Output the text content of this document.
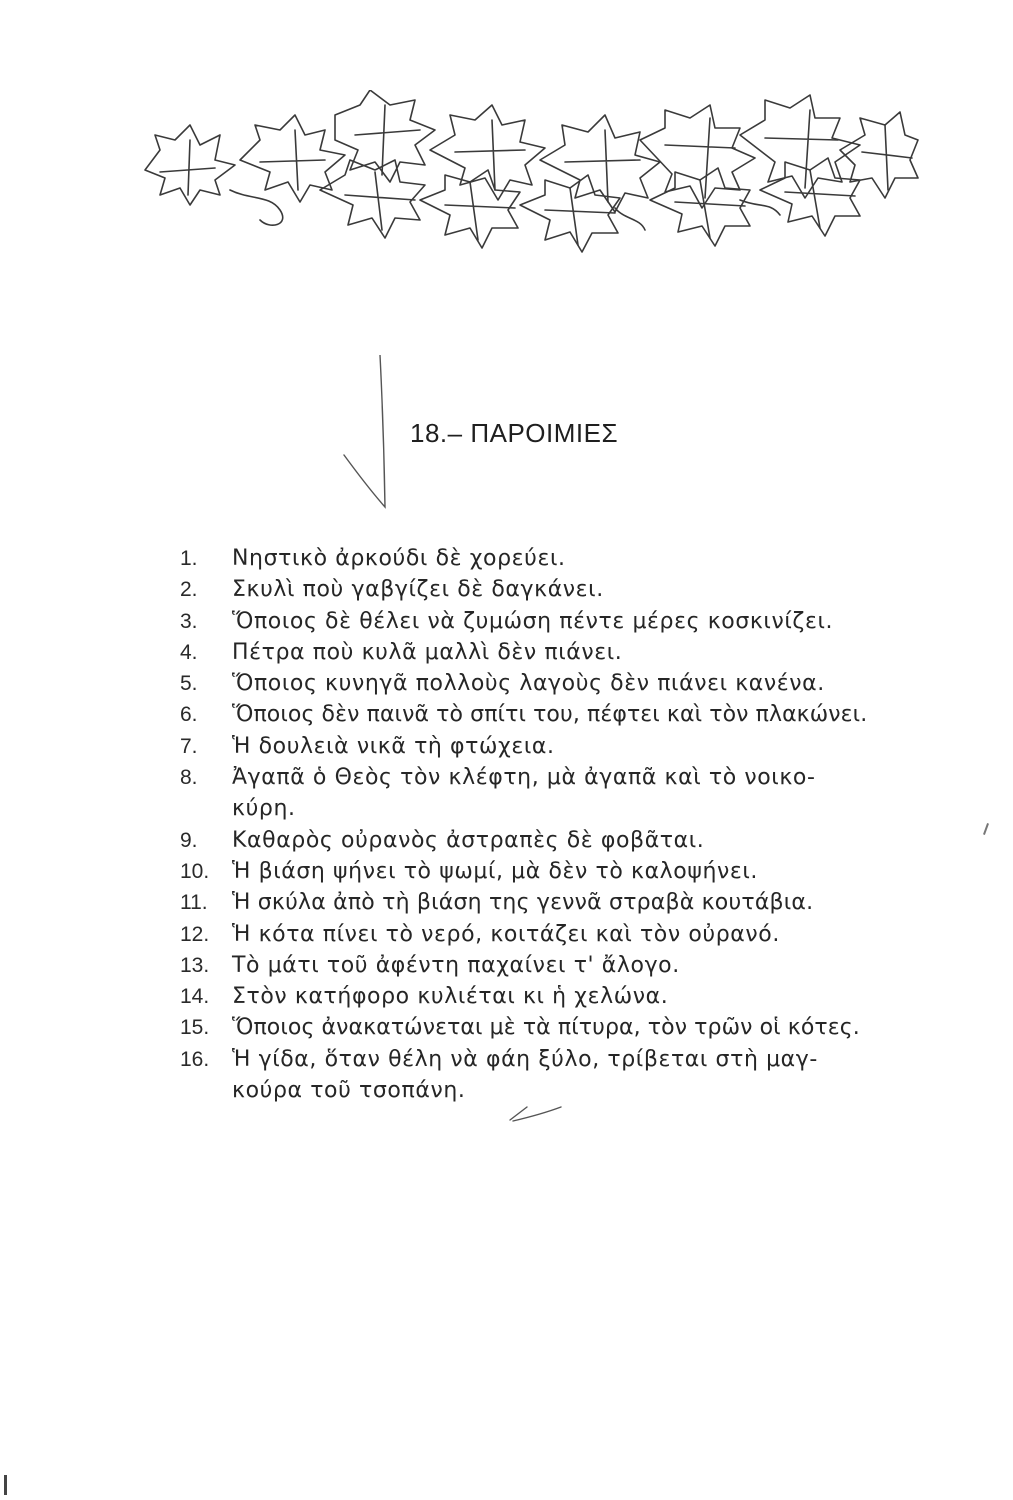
18.– ΠΑΡΟΙΜΙΕΣ
1.	Νηστικὸ ἀρκούδι δὲ χορεύει.
2.	Σκυλὶ ποὺ γαβγίζει δὲ δαγκάνει.
3.	Ὅποιος δὲ θέλει νὰ ζυμώση πέντε μέρες κοσκινίζει.
4.	Πέτρα ποὺ κυλᾶ μαλλὶ δὲν πιάνει.
5.	Ὅποιος κυνηγᾶ πολλοὺς λαγοὺς δὲν πιάνει κανένα.
6.	Ὅποιος δὲν παινᾶ τὸ σπίτι του, πέφτει καὶ τὸν πλακώνει.
7.	Ἡ δουλειὰ νικᾶ τὴ φτώχεια.
8.	Ἀγαπᾶ ὁ Θεὸς τὸν κλέφτη, μὰ ἀγαπᾶ καὶ τὸ νοικο-
κύρη.
9.	Καθαρὸς οὐρανὸς ἀστραπὲς δὲ φοβᾶται.
10.	Ἡ βιάση ψήνει τὸ ψωμί, μὰ δὲν τὸ καλοψήνει.
11.	Ἡ σκύλα ἀπὸ τὴ βιάση της γεννᾶ στραβὰ κουτάβια.
12.	Ἡ κότα πίνει τὸ νερό, κοιτάζει καὶ τὸν οὐρανό.
13.	Τὸ μάτι τοῦ ἀφέντη παχαίνει τ' ἄλογο.
14.	Στὸν κατήφορο κυλιέται κι ἡ χελώνα.
15.	Ὅποιος ἀνακατώνεται μὲ τὰ πίτυρα, τὸν τρῶν οἱ κότες.
16.	Ἡ γίδα, ὅταν θέλη νὰ φάη ξύλο, τρίβεται στὴ μαγ-
κούρα τοῦ τσοπάνη.
